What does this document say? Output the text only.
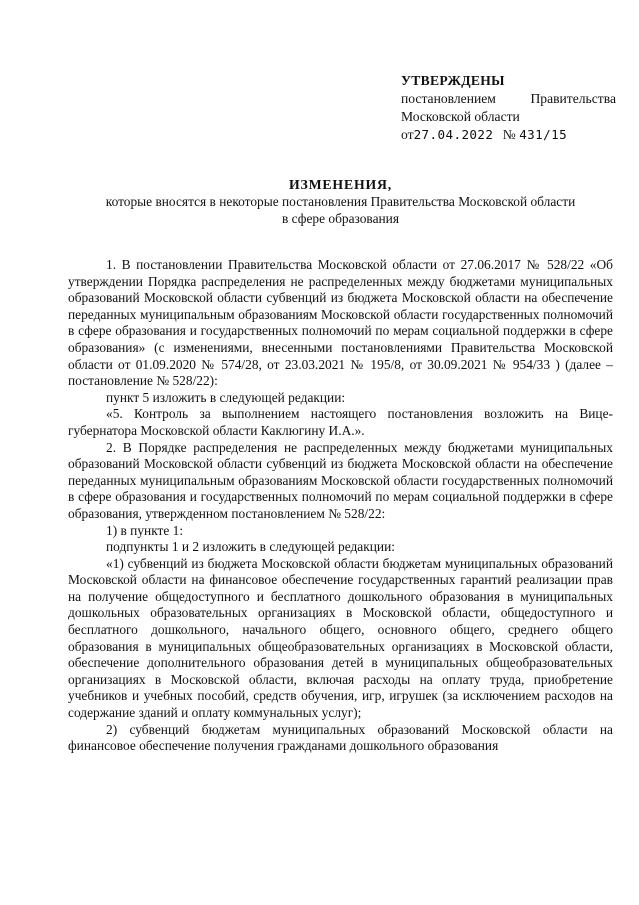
УТВЕРЖДЕНЫ
постановлением	Правительства
Московской области
от27.04.2022 № 431/15
ИЗМЕНЕНИЯ,
которые вносятся в некоторые постановления Правительства Московской области
в сфере образования

1. В постановлении Правительства Московской области от 27.06.2017 № 528/22 «Об утверждении Порядка распределения не распределенных между бюджетами муниципальных образований Московской области субвенций из бюджета Московской области на обеспечение переданных муниципальным образованиям Московской области государственных полномочий в сфере образования и государственных полномочий по мерам социальной поддержки в сфере образования» (с изменениями, внесенными постановлениями Правительства Московской области от 01.09.2020 № 574/28, от 23.03.2021 № 195/8, от 30.09.2021 № 954/33 ) (далее – постановление № 528/22):

пункт 5 изложить в следующей редакции:

«5. Контроль за выполнением настоящего постановления возложить на Вице-губернатора Московской области Каклюгину И.А.».

2. В Порядке распределения не распределенных между бюджетами муниципальных образований Московской области субвенций из бюджета Московской области на обеспечение переданных муниципальным образованиям Московской области государственных полномочий в сфере образования и государственных полномочий по мерам социальной поддержки в сфере образования, утвержденном постановлением № 528/22:

1) в пункте 1:

подпункты 1 и 2 изложить в следующей редакции:

«1) субвенций из бюджета Московской области бюджетам муниципальных образований Московской области на финансовое обеспечение государственных гарантий реализации прав на получение общедоступного и бесплатного дошкольного образования в муниципальных дошкольных образовательных организациях в Московской области, общедоступного и бесплатного дошкольного, начального общего, основного общего, среднего общего образования в муниципальных общеобразовательных организациях в Московской области, обеспечение дополнительного образования детей в муниципальных общеобразовательных организациях в Московской области, включая расходы на оплату труда, приобретение учебников и учебных пособий, средств обучения, игр, игрушек (за исключением расходов на содержание зданий и оплату коммунальных услуг);

2) субвенций бюджетам муниципальных образований Московской области на финансовое обеспечение получения гражданами дошкольного образования
